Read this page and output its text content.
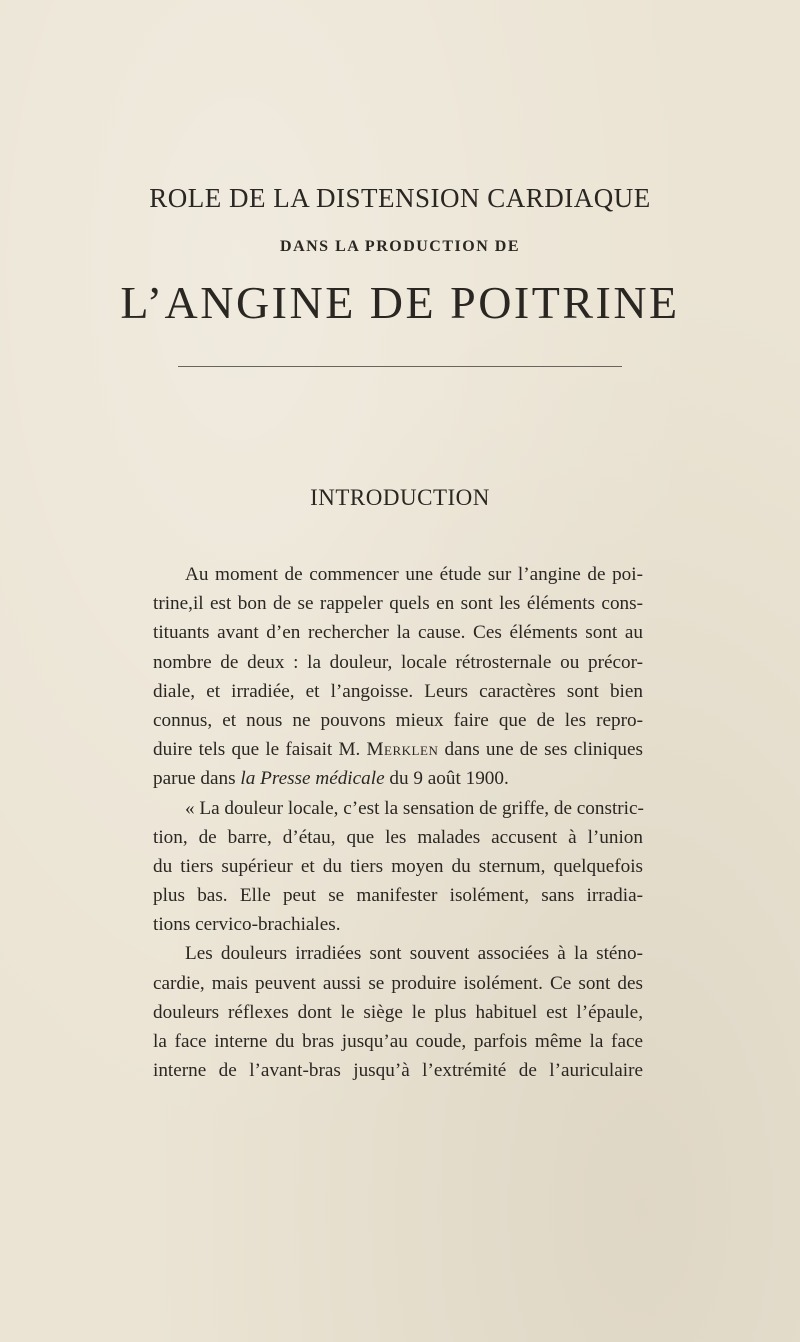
ROLE DE LA DISTENSION CARDIAQUE
DANS LA PRODUCTION DE
L’ANGINE DE POITRINE
INTRODUCTION
Au moment de commencer une étude sur l’angine de poi-
trine,il est bon de se rappeler quels en sont les éléments cons-
tituants avant d’en rechercher la cause. Ces éléments sont au
nombre de deux : la douleur, locale rétrosternale ou précor-
diale, et irradiée, et l’angoisse. Leurs caractères sont bien
connus, et nous ne pouvons mieux faire que de les repro-
duire tels que le faisait M. Merklen dans une de ses cliniques
parue dans la Presse médicale du 9 août 1900.
« La douleur locale, c’est la sensation de griffe, de constric-
tion, de barre, d’étau, que les malades accusent à l’union
du tiers supérieur et du tiers moyen du sternum, quelquefois
plus bas. Elle peut se manifester isolément, sans irradia-
tions cervico-brachiales.
Les douleurs irradiées sont souvent associées à la sténo-
cardie, mais peuvent aussi se produire isolément. Ce sont des
douleurs réflexes dont le siège le plus habituel est l’épaule,
la face interne du bras jusqu’au coude, parfois même la face
interne de l’avant-bras jusqu’à l’extrémité de l’auriculaire
